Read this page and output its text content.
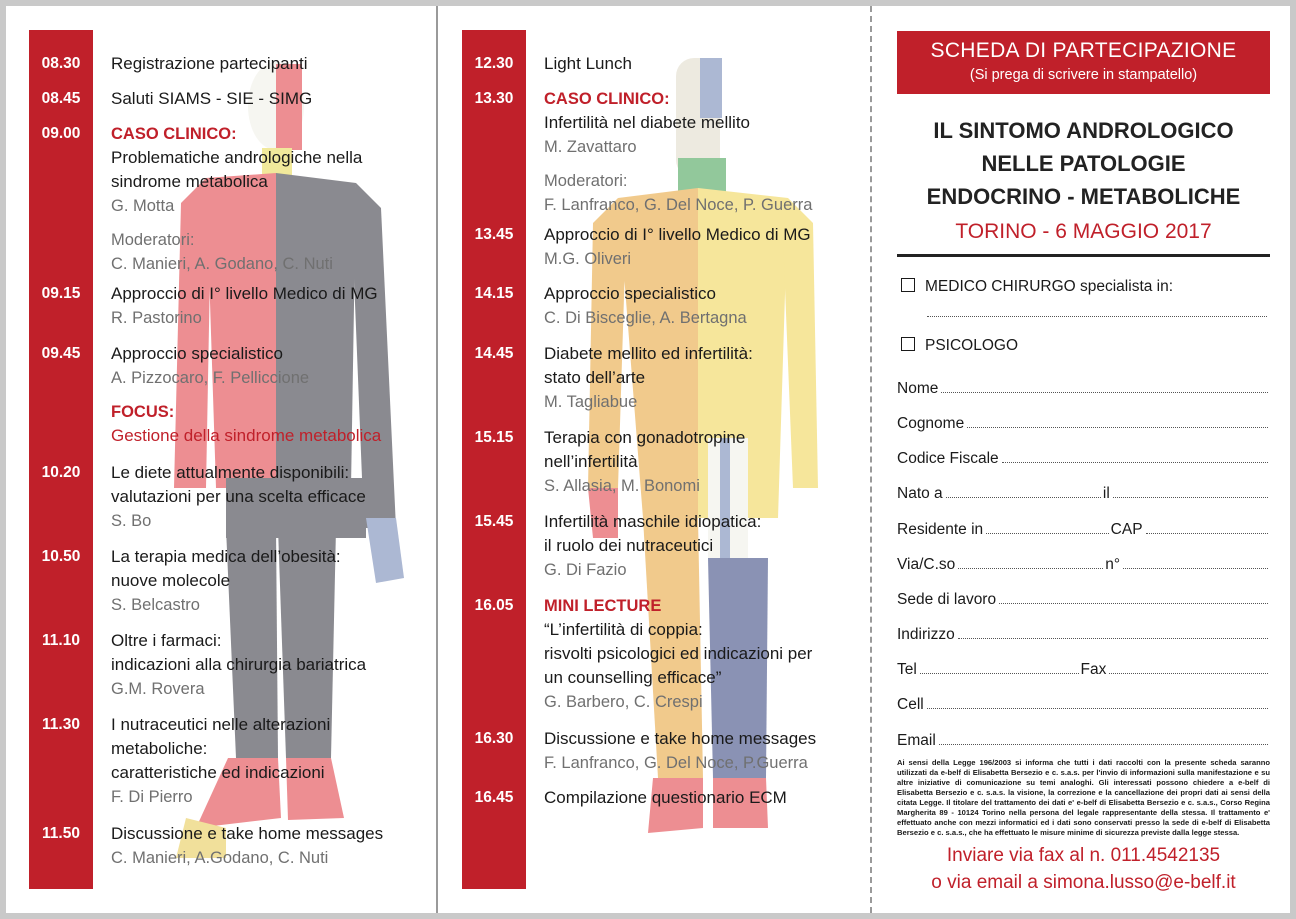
08.30	Registrazione partecipanti
08.45	Saluti SIAMS - SIE - SIMG
09.00	CASO CLINICO:
Problematiche andrologiche nella
sindrome metabolica
G. Motta
Moderatori:
C. Manieri, A. Godano, C. Nuti
09.15	Approccio di I° livello Medico di MG
R. Pastorino
09.45	Approccio specialistico
A. Pizzocaro, F. Pelliccione
FOCUS:
Gestione della sindrome metabolica
10.20	Le diete attualmente disponibili:
valutazioni per una scelta efficace
S. Bo
10.50	La terapia medica dell’obesità:
nuove molecole
S. Belcastro
11.10	Oltre i farmaci:
indicazioni alla chirurgia bariatrica
G.M. Rovera
11.30	I nutraceutici nelle alterazioni
metaboliche:
caratteristiche ed indicazioni
F. Di Pierro
11.50	Discussione e take home messages
C. Manieri, A.Godano, C. Nuti
12.30	Light Lunch
13.30	CASO CLINICO:
Infertilità nel diabete mellito
M. Zavattaro
Moderatori:
F. Lanfranco, G. Del Noce, P. Guerra
13.45	Approccio di I° livello Medico di MG
M.G. Oliveri
14.15	Approccio specialistico
C. Di Bisceglie, A. Bertagna
14.45	Diabete mellito ed infertilità:
stato dell’arte
M. Tagliabue
15.15	Terapia con gonadotropine
nell’infertilità
S. Allasia, M. Bonomi
15.45	Infertilità maschile idiopatica:
il ruolo dei nutraceutici
G. Di Fazio
16.05	MINI LECTURE
“L’infertilità di coppia:
risvolti psicologici ed indicazioni per
un counselling efficace”
G. Barbero, C. Crespi
16.30	Discussione e take home messages
F. Lanfranco, G. Del Noce, P.Guerra
16.45	Compilazione questionario ECM
SCHEDA DI PARTECIPAZIONE
(Si prega di scrivere in stampatello)
IL SINTOMO ANDROLOGICO
NELLE PATOLOGIE
ENDOCRINO - METABOLICHE
TORINO - 6 MAGGIO 2017
MEDICO CHIRURGO specialista in:
PSICOLOGO
Nome
Cognome
Codice Fiscale
Nato a	il
Residente in	CAP
Via/C.so	n°
Sede di lavoro
Indirizzo
Tel	Fax
Cell
Email
Ai sensi della Legge 196/2003 si informa che tutti i dati raccolti con la presente scheda saranno utilizzati da e-belf di Elisabetta Bersezio e c. s.a.s. per l'invio di informazioni sulla manifestazione e su altre iniziative di comunicazione su temi analoghi. Gli interessati possono chiedere a e-belf di Elisabetta Bersezio e c. s.a.s. la visione, la correzione e la cancellazione dei propri dati ai sensi della citata Legge. Il titolare del trattamento dei dati e' e-belf di Elisabetta Bersezio e c. s.a.s., Corso Regina Margherita 89 - 10124 Torino nella persona del legale rappresentante della stessa. Il trattamento e' effettuato anche con mezzi informatici ed i dati sono conservati presso la sede di e-belf di Elisabetta Bersezio e c. s.a.s., che ha effettuato le misure minime di sicurezza previste dalla legge stessa.
Inviare via fax al n. 011.4542135
o via email a simona.lusso@e-belf.it
